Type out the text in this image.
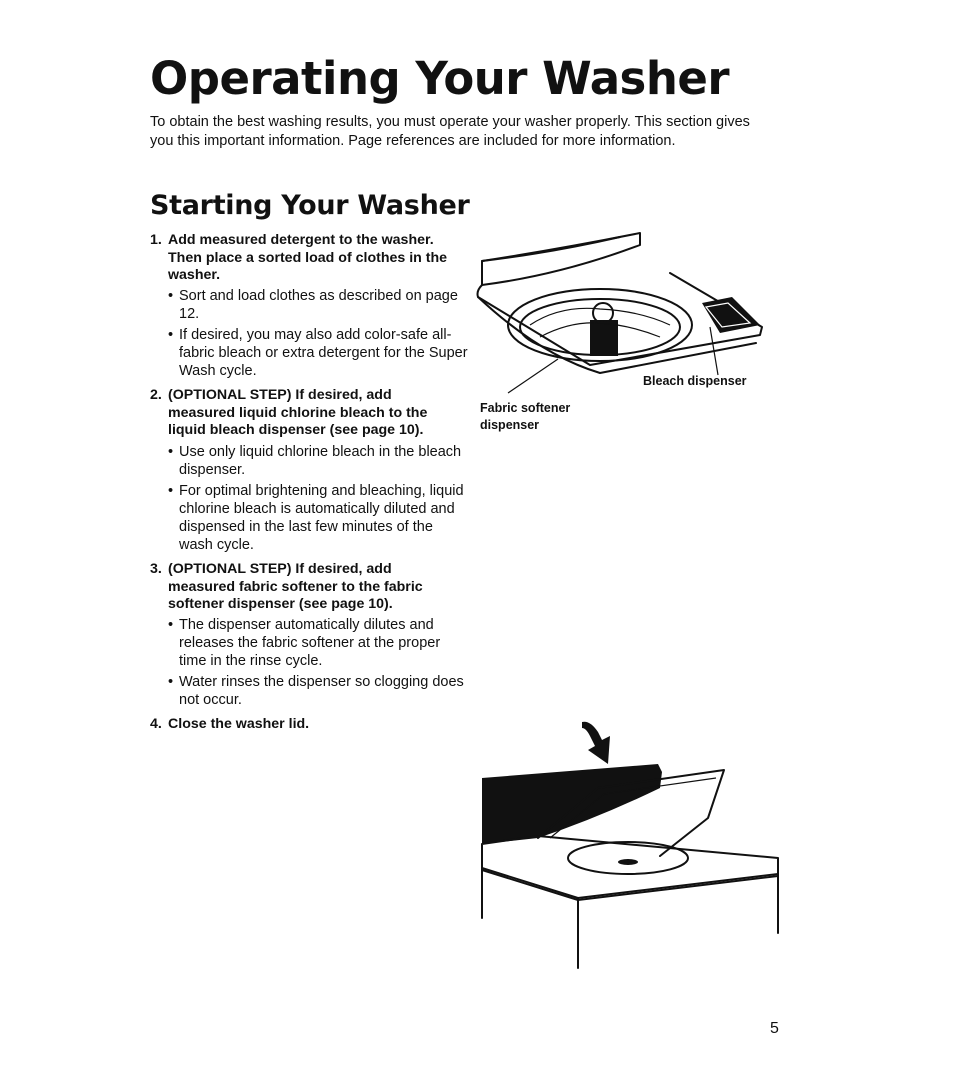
Operating Your Washer

To obtain the best washing results, you must operate your washer properly. This section gives you this important information. Page references are included for more information.

Starting Your Washer
1. Add measured detergent to the washer. Then place a sorted load of clothes in the washer.
• Sort and load clothes as described on page 12.
• If desired, you may also add color-safe all-fabric bleach or extra detergent for the Super Wash cycle.
2. (OPTIONAL STEP) If desired, add measured liquid chlorine bleach to the liquid bleach dispenser (see page 10).
• Use only liquid chlorine bleach in the bleach dispenser.
• For optimal brightening and bleaching, liquid chlorine bleach is automatically diluted and dispensed in the last few minutes of the wash cycle.
3. (OPTIONAL STEP) If desired, add measured fabric softener to the fabric softener dispenser (see page 10).
• The dispenser automatically dilutes and releases the fabric softener at the proper time in the rinse cycle.
• Water rinses the dispenser so clogging does not occur.
4. Close the washer lid.
Bleach dispenser
Fabric softener
dispenser
5
